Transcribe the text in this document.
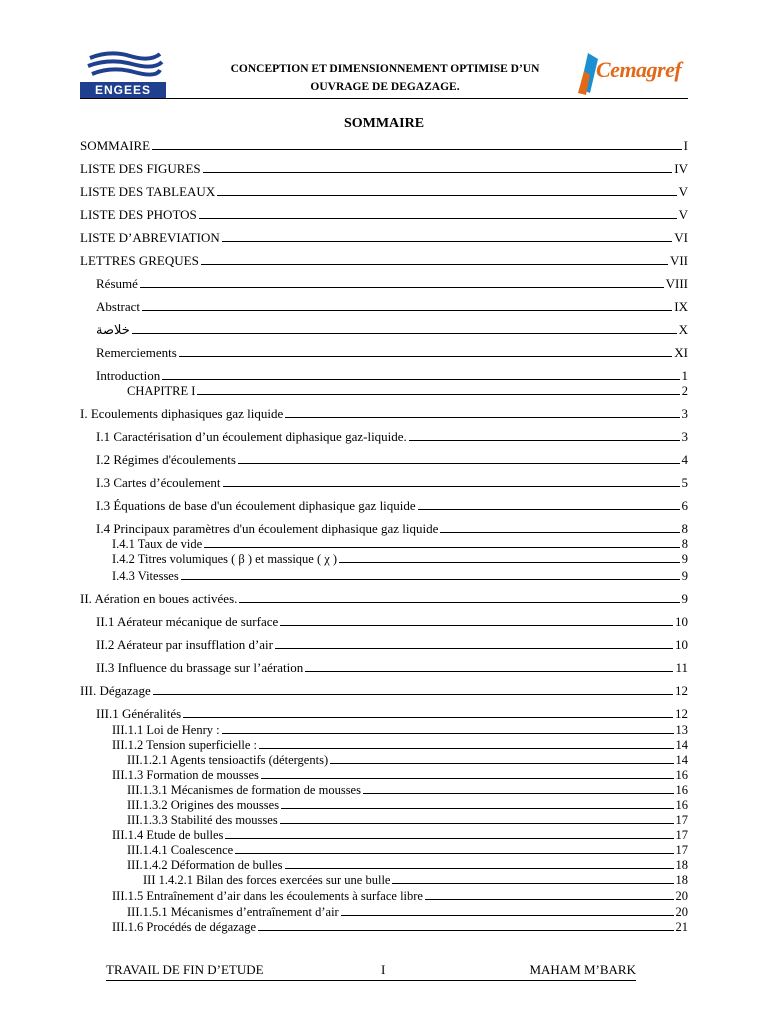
ENGEES
CONCEPTION ET DIMENSIONNEMENT OPTIMISE D’UN
OUVRAGE DE DEGAZAGE.
Cemagref
SOMMAIRE
SOMMAIRE	I
LISTE DES FIGURES	IV
LISTE DES TABLEAUX	V
LISTE DES PHOTOS	V
LISTE D’ABREVIATION	VI
LETTRES GREQUES	VII
Résumé	VIII
Abstract	IX
خلاصة	X
Remerciements	XI
Introduction	1
CHAPITRE I	2
I. Ecoulements diphasiques gaz liquide	3
I.1 Caractérisation d’un écoulement diphasique gaz-liquide.	3
I.2 Régimes d'écoulements	4
I.3 Cartes d’écoulement	5
I.3 Équations de base d'un écoulement diphasique gaz liquide	6
I.4 Principaux paramètres d'un écoulement diphasique gaz liquide	8
I.4.1 Taux de vide	8
I.4.2 Titres volumiques ( β ) et massique ( χ )	9
I.4.3 Vitesses	9
II. Aération en boues activées.	9
II.1 Aérateur mécanique de surface	10
II.2 Aérateur par insufflation d’air	10
II.3 Influence du brassage sur l’aération	11
III. Dégazage	12
III.1 Généralités	12
III.1.1 Loi de Henry :	13
III.1.2 Tension superficielle :	14
III.1.2.1 Agents tensioactifs (détergents)	14
III.1.3 Formation de mousses	16
III.1.3.1 Mécanismes de formation de mousses	16
III.1.3.2 Origines des mousses	16
III.1.3.3 Stabilité des mousses	17
III.1.4 Etude de bulles	17
III.1.4.1 Coalescence	17
III.1.4.2 Déformation de bulles	18
III 1.4.2.1 Bilan des forces exercées sur une bulle	18
III.1.5 Entraînement d’air dans les écoulements à surface libre	20
III.1.5.1 Mécanismes d’entraînement d’air	20
III.1.6 Procédés de dégazage	21
TRAVAIL DE FIN D’ETUDE	I	MAHAM M’BARK
